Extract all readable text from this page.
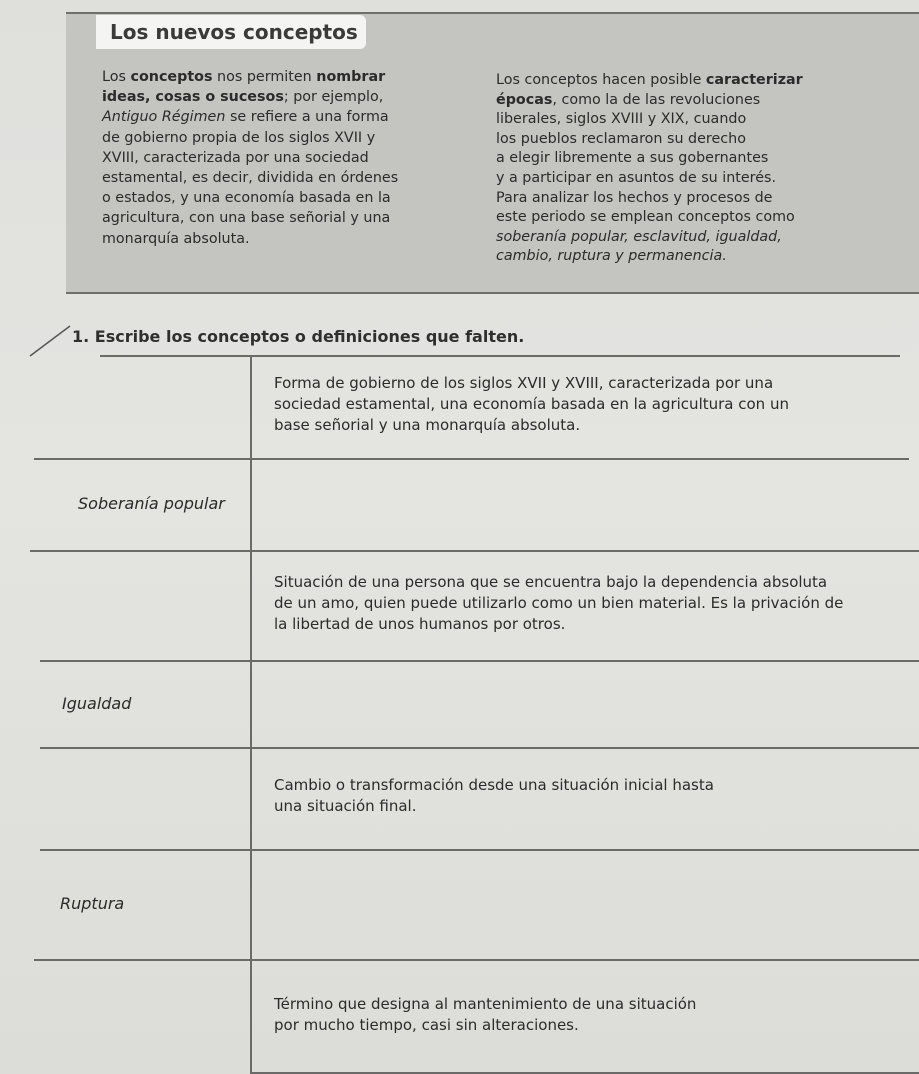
Los nuevos conceptos
Los conceptos nos permiten nombrar
ideas, cosas o sucesos; por ejemplo,
Antiguo Régimen se refiere a una forma
de gobierno propia de los siglos XVII y
XVIII, caracterizada por una sociedad
estamental, es decir, dividida en órdenes
o estados, y una economía basada en la
agricultura, con una base señorial y una
monarquía absoluta.
Los conceptos hacen posible caracterizar
épocas, como la de las revoluciones
liberales, siglos XVIII y XIX, cuando
los pueblos reclamaron su derecho
a elegir libremente a sus gobernantes
y a participar en asuntos de su interés.
Para analizar los hechos y procesos de
este periodo se emplean conceptos como
soberanía popular, esclavitud, igualdad,
cambio, ruptura y permanencia.
1. Escribe los conceptos o definiciones que falten.
Forma de gobierno de los siglos XVII y XVIII, caracterizada por una
sociedad estamental, una economía basada en la agricultura con un
base señorial y una monarquía absoluta.
Soberanía popular
Situación de una persona que se encuentra bajo la dependencia absoluta
de un amo, quien puede utilizarlo como un bien material. Es la privación de
la libertad de unos humanos por otros.
Igualdad
Cambio o transformación desde una situación inicial hasta
una situación final.
Ruptura
Término que designa al mantenimiento de una situación
por mucho tiempo, casi sin alteraciones.
